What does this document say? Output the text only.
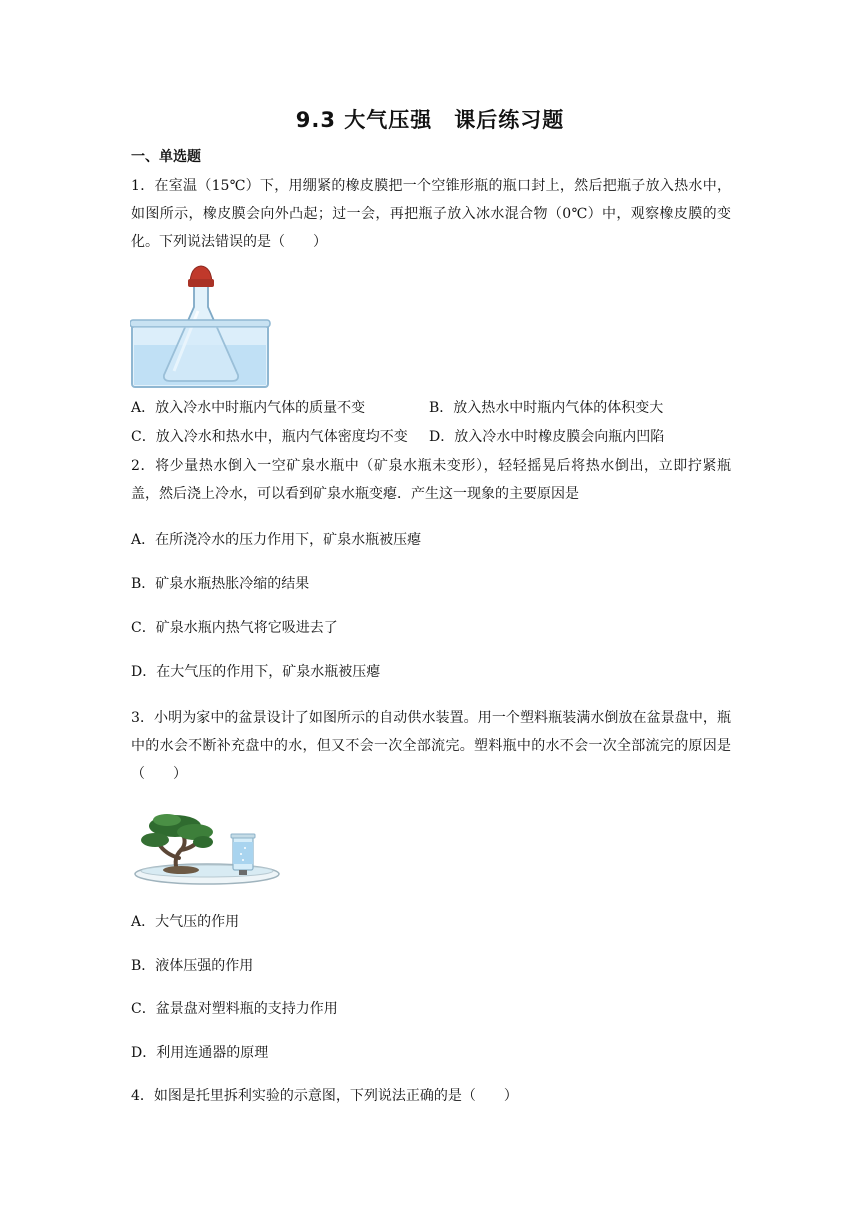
9.3 大气压强 课后练习题
一、单选题
1．在室温（15℃）下，用绷紧的橡皮膜把一个空锥形瓶的瓶口封上，然后把瓶子放入热水中，如图所示，橡皮膜会向外凸起；过一会，再把瓶子放入冰水混合物（0℃）中，观察橡皮膜的变化。下列说法错误的是（　　）
A．放入冷水中时瓶内气体的质量不变	B．放入热水中时瓶内气体的体积变大
C．放入冷水和热水中，瓶内气体密度均不变 D．放入冷水中时橡皮膜会向瓶内凹陷
2．将少量热水倒入一空矿泉水瓶中（矿泉水瓶未变形），轻轻摇晃后将热水倒出，立即拧紧瓶盖，然后浇上冷水，可以看到矿泉水瓶变瘪．产生这一现象的主要原因是
A．在所浇冷水的压力作用下，矿泉水瓶被压瘪
B．矿泉水瓶热胀冷缩的结果
C．矿泉水瓶内热气将它吸进去了
D．在大气压的作用下，矿泉水瓶被压瘪
3．小明为家中的盆景设计了如图所示的自动供水装置。用一个塑料瓶装满水倒放在盆景盘中，瓶中的水会不断补充盘中的水，但又不会一次全部流完。塑料瓶中的水不会一次全部流完的原因是（　　）
A．大气压的作用
B．液体压强的作用
C．盆景盘对塑料瓶的支持力作用
D．利用连通器的原理
4．如图是托里拆利实验的示意图，下列说法正确的是（　　）
